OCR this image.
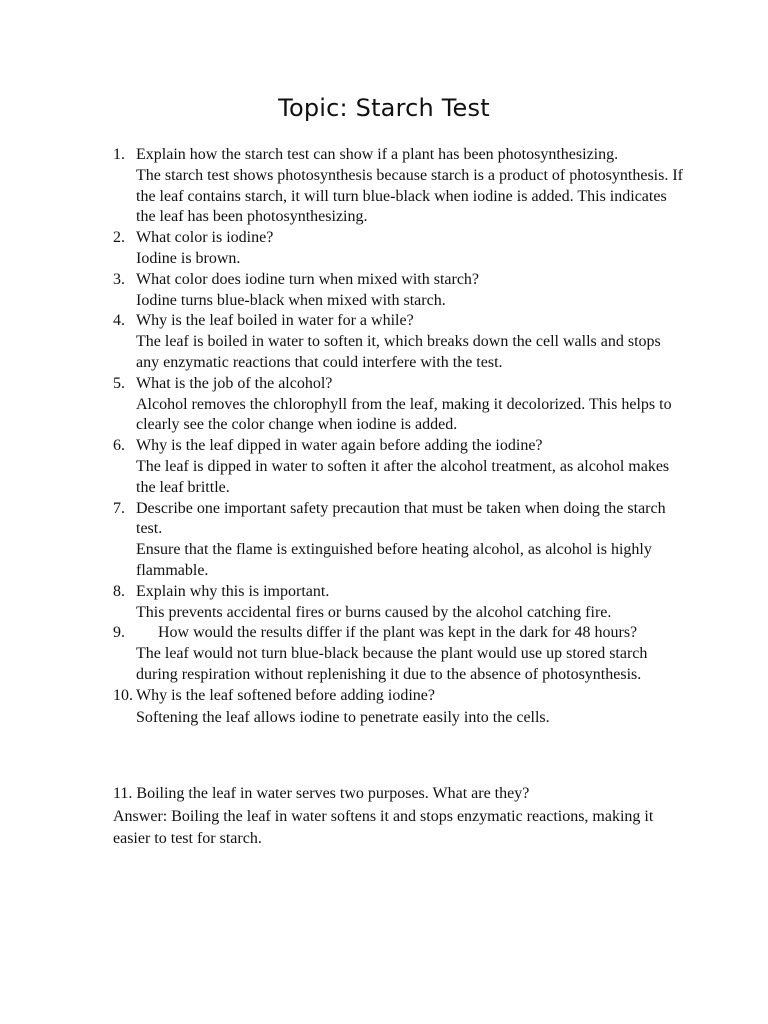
Topic: Starch Test
1. Explain how the starch test can show if a plant has been photosynthesizing.
The starch test shows photosynthesis because starch is a product of photosynthesis. If the leaf contains starch, it will turn blue-black when iodine is added. This indicates the leaf has been photosynthesizing.
2. What color is iodine?
Iodine is brown.
3. What color does iodine turn when mixed with starch?
Iodine turns blue-black when mixed with starch.
4. Why is the leaf boiled in water for a while?
The leaf is boiled in water to soften it, which breaks down the cell walls and stops any enzymatic reactions that could interfere with the test.
5. What is the job of the alcohol?
Alcohol removes the chlorophyll from the leaf, making it decolorized. This helps to clearly see the color change when iodine is added.
6. Why is the leaf dipped in water again before adding the iodine?
The leaf is dipped in water to soften it after the alcohol treatment, as alcohol makes the leaf brittle.
7. Describe one important safety precaution that must be taken when doing the starch test.
Ensure that the flame is extinguished before heating alcohol, as alcohol is highly flammable.
8. Explain why this is important.
This prevents accidental fires or burns caused by the alcohol catching fire.
9.	How would the results differ if the plant was kept in the dark for 48 hours?
The leaf would not turn blue-black because the plant would use up stored starch during respiration without replenishing it due to the absence of photosynthesis.
10. Why is the leaf softened before adding iodine?
Softening the leaf allows iodine to penetrate easily into the cells.

11. Boiling the leaf in water serves two purposes. What are they?

Answer: Boiling the leaf in water softens it and stops enzymatic reactions, making it easier to test for starch.
